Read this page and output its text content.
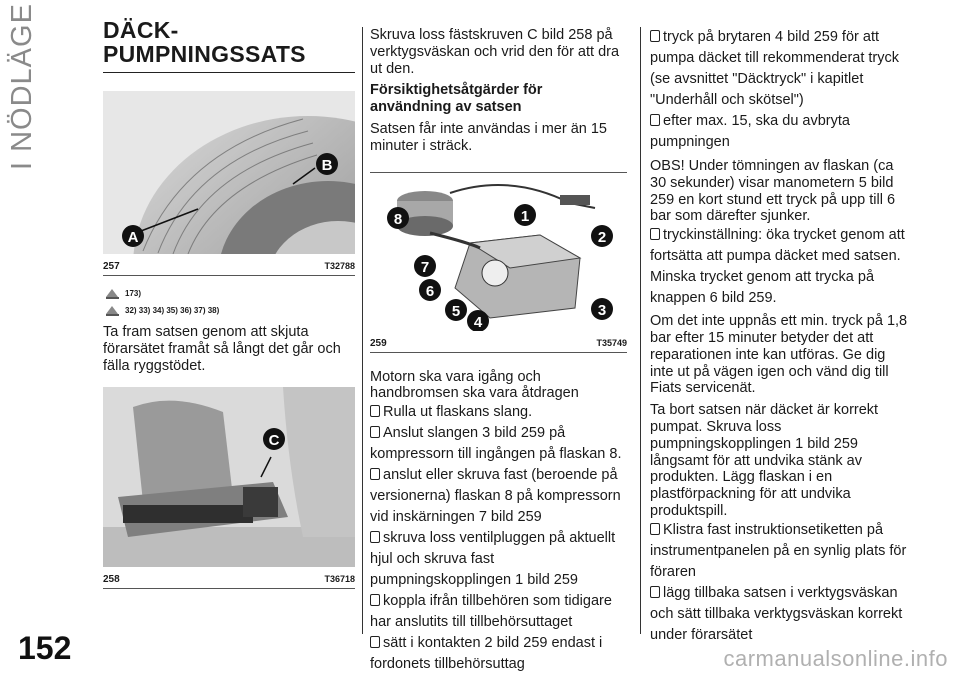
I NÖDLÄGE
152	carmanualsonline.info
DÄCK-
PUMPNINGSSATS
A
B
257	T32788
173)
32) 33) 34) 35) 36) 37) 38)

Ta fram satsen genom att skjuta förarsätet framåt så långt det går och fälla ryggstödet.

C
258	T36718

Skruva loss fästskruven C bild 258 på verktygsväskan och vrid den för att dra ut den.

Försiktighetsåtgärder för användning av satsen

Satsen får inte användas i mer än 15 minuter i sträck.

1
2
3
4
5
6
7
8
259	T35749

Motorn ska vara igång och handbromsen ska vara åtdragen

Rulla ut flaskans slang.

Anslut slangen 3 bild 259 på kompressorn till ingången på flaskan 8.

anslut eller skruva fast (beroende på versionerna) flaskan 8 på kompressorn vid inskärningen 7 bild 259

skruva loss ventilpluggen på aktuellt hjul och skruva fast pumpningskopplingen 1 bild 259

koppla ifrån tillbehören som tidigare har anslutits till tillbehörsuttaget

sätt i kontakten 2 bild 259 endast i fordonets tillbehörsuttag

tryck på brytaren 4 bild 259 för att pumpa däcket till rekommenderat tryck (se avsnittet "Däcktryck" i kapitlet "Underhåll och skötsel")

efter max. 15, ska du avbryta pumpningen

OBS! Under tömningen av flaskan (ca 30 sekunder) visar manometern 5 bild 259 en kort stund ett tryck på upp till 6 bar som därefter sjunker.

tryckinställning: öka trycket genom att fortsätta att pumpa däcket med satsen. Minska trycket genom att trycka på knappen 6 bild 259.

Om det inte uppnås ett min. tryck på 1,8 bar efter 15 minuter betyder det att reparationen inte kan utföras. Ge dig inte ut på vägen igen och vänd dig till Fiats servicenät.

Ta bort satsen när däcket är korrekt pumpat. Skruva loss pumpningskopplingen 1 bild 259 långsamt för att undvika stänk av produkten. Lägg flaskan i en plastförpackning för att undvika produktspill.

Klistra fast instruktionsetiketten på instrumentpanelen på en synlig plats för föraren

lägg tillbaka satsen i verktygsväskan och sätt tillbaka verktygsväskan korrekt under förarsätet
